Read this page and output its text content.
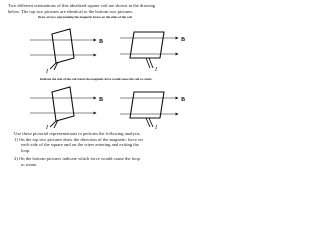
Two different orientations of this idealized square coil are shown in the drawing
below. The top two pictures are identical to the bottom two pictures.
Draw arrows representing the magnetic forces on the sides of the coil.
Indicate the side of the coil where the magnetic force would cause the coil to rotate.
B
I
B
I
B
I
B
I
Use these pictorial representations to perform the following analysis.
1) On the top two pictures draw the direction of the magnetic force on
each side of the square and on the wires entering and exiting the
loop.
2) On the bottom pictures indicate which force would cause the loop
to rotate.
